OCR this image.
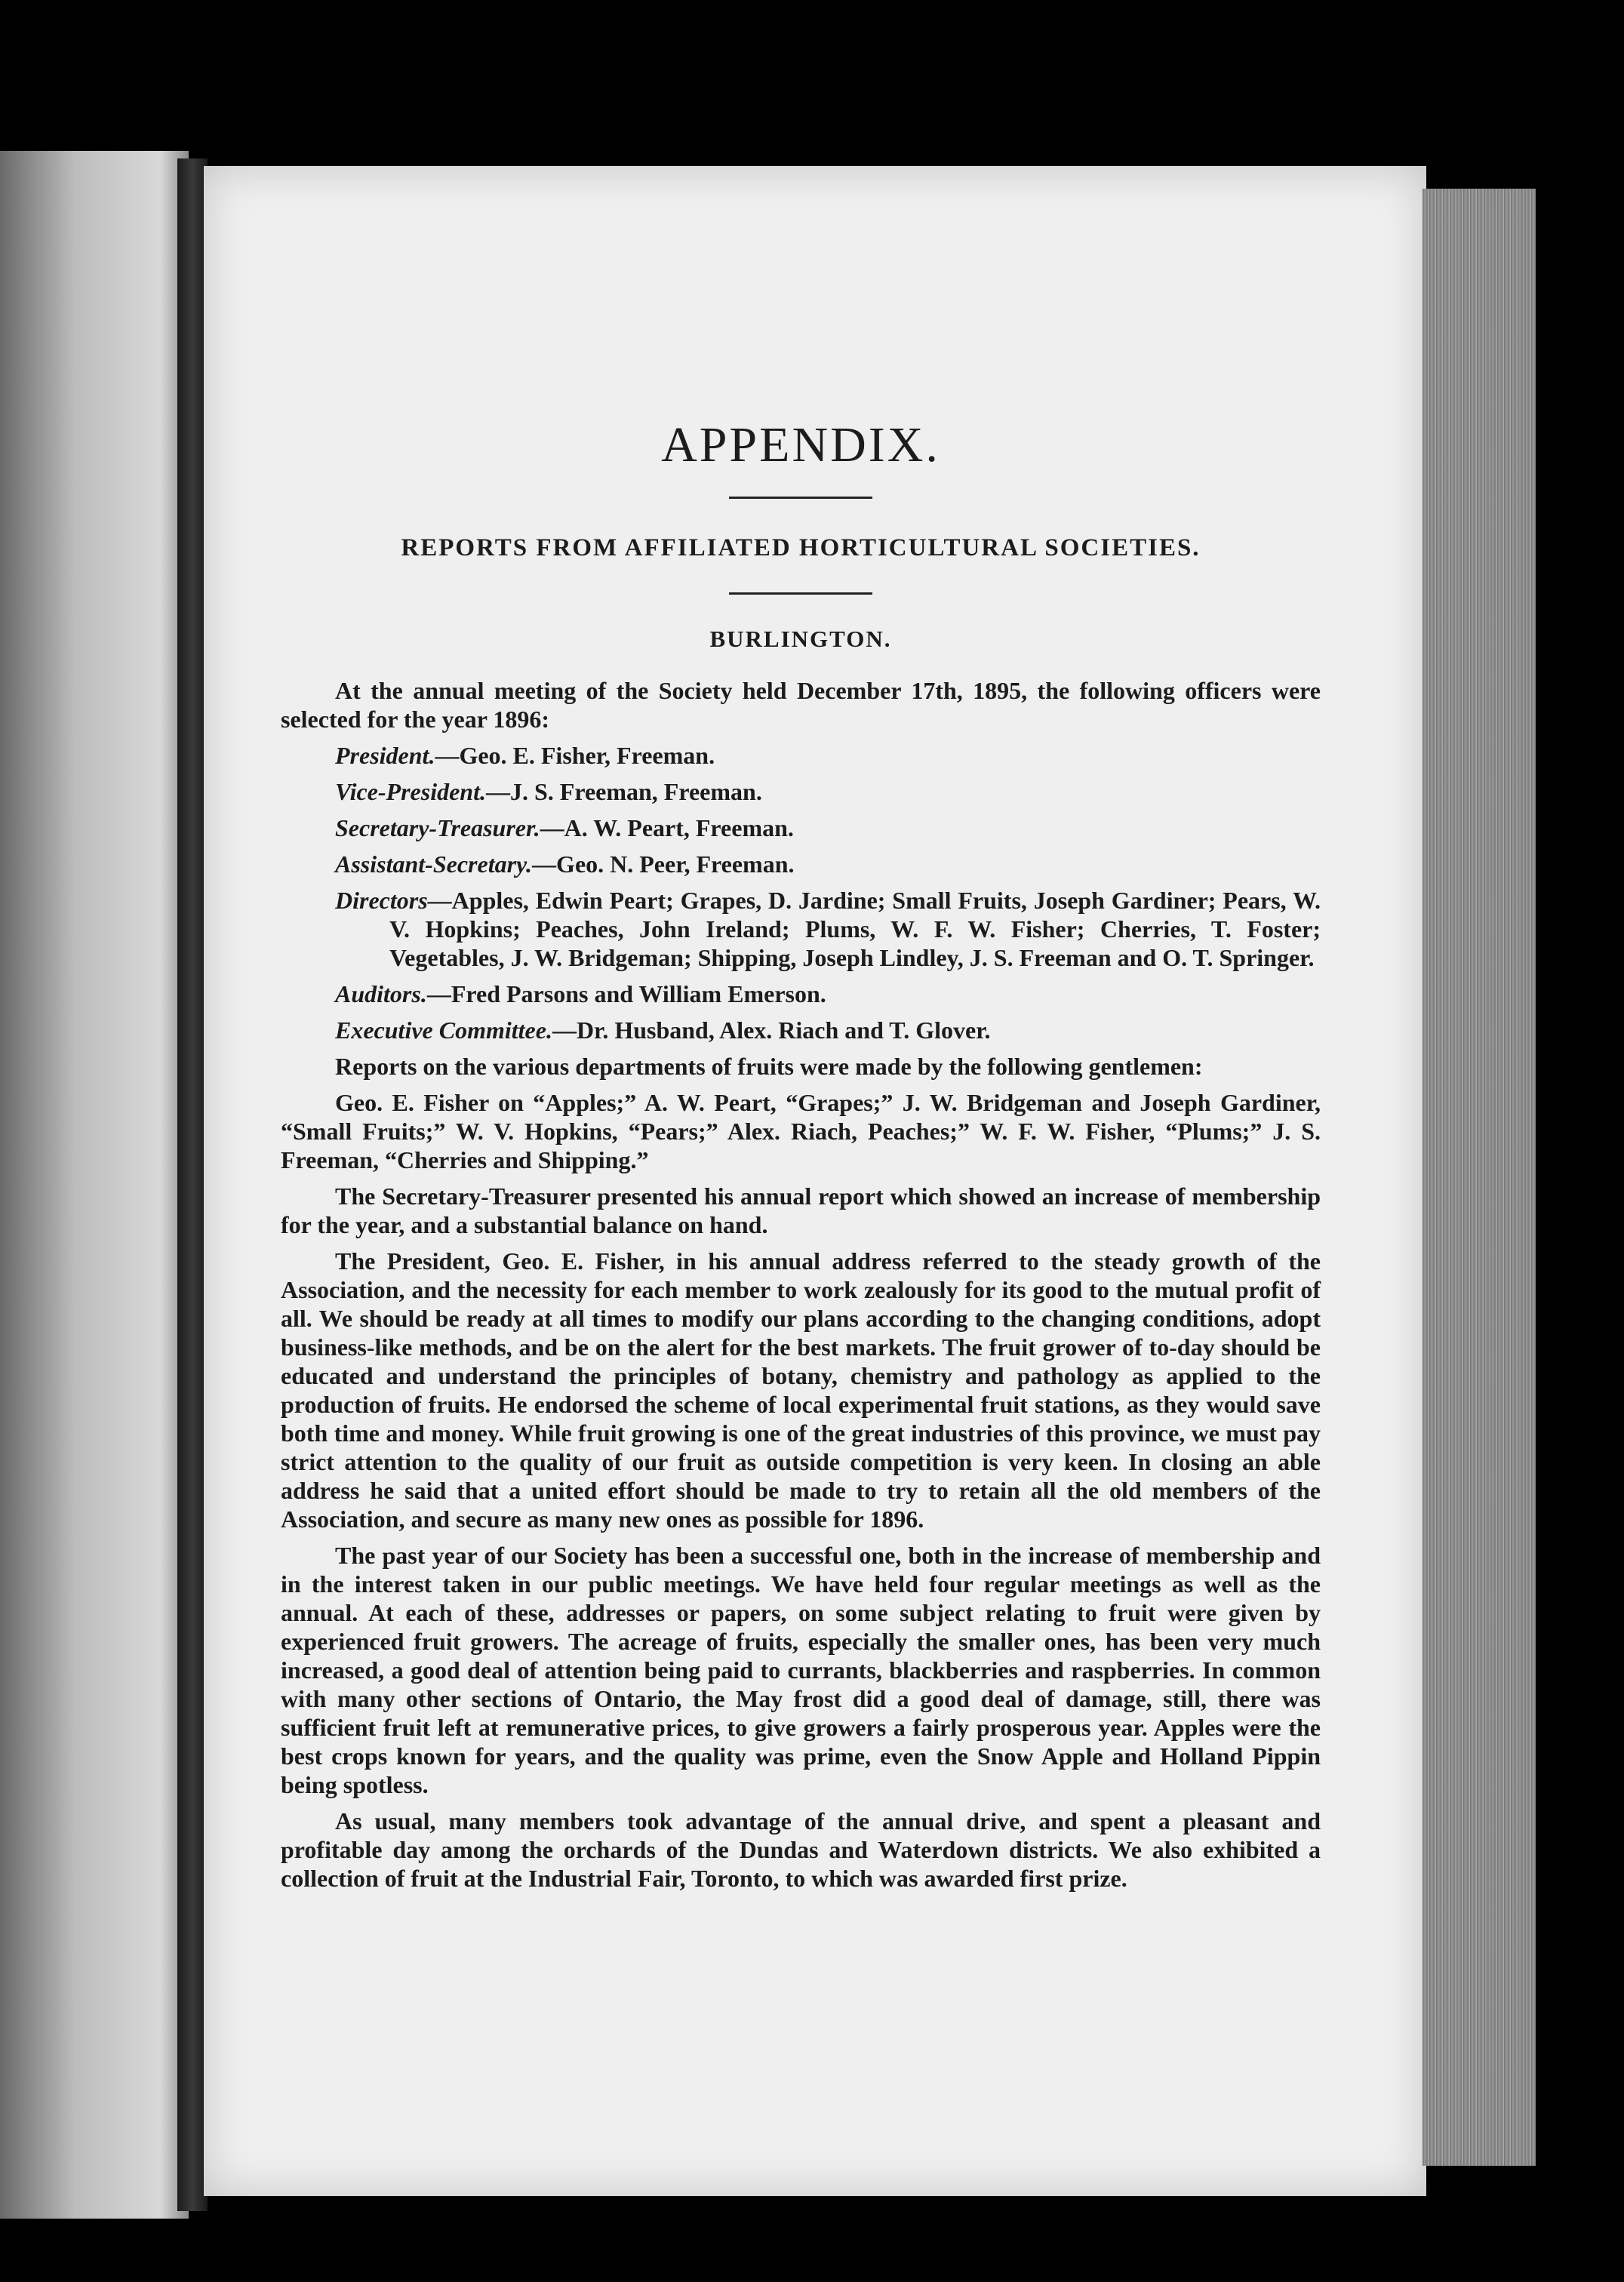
APPENDIX.
REPORTS FROM AFFILIATED HORTICULTURAL SOCIETIES.
BURLINGTON.

At the annual meeting of the Society held December 17th, 1895, the following officers were selected for the year 1896:

President.—Geo. E. Fisher, Freeman.

Vice-President.—J. S. Freeman, Freeman.

Secretary-Treasurer.—A. W. Peart, Freeman.

Assistant-Secretary.—Geo. N. Peer, Freeman.

Directors—Apples, Edwin Peart; Grapes, D. Jardine; Small Fruits, Joseph Gardiner; Pears, W. V. Hopkins; Peaches, John Ireland; Plums, W. F. W. Fisher; Cherries, T. Foster; Vegetables, J. W. Bridgeman; Shipping, Joseph Lindley, J. S. Freeman and O. T. Springer.

Auditors.—Fred Parsons and William Emerson.

Executive Committee.—Dr. Husband, Alex. Riach and T. Glover.

Reports on the various departments of fruits were made by the following gentlemen:

Geo. E. Fisher on “Apples;” A. W. Peart, “Grapes;” J. W. Bridgeman and Joseph Gardiner, “Small Fruits;” W. V. Hopkins, “Pears;” Alex. Riach, Peaches;” W. F. W. Fisher, “Plums;” J. S. Freeman, “Cherries and Shipping.”

The Secretary-Treasurer presented his annual report which showed an increase of membership for the year, and a substantial balance on hand.

The President, Geo. E. Fisher, in his annual address referred to the steady growth of the Association, and the necessity for each member to work zealously for its good to the mutual profit of all. We should be ready at all times to modify our plans according to the changing conditions, adopt business-like methods, and be on the alert for the best markets. The fruit grower of to-day should be educated and understand the principles of botany, chemistry and pathology as applied to the production of fruits. He endorsed the scheme of local experimental fruit stations, as they would save both time and money. While fruit growing is one of the great industries of this province, we must pay strict attention to the quality of our fruit as outside competition is very keen. In closing an able address he said that a united effort should be made to try to retain all the old members of the Association, and secure as many new ones as possible for 1896.

The past year of our Society has been a successful one, both in the increase of membership and in the interest taken in our public meetings. We have held four regular meetings as well as the annual. At each of these, addresses or papers, on some subject relating to fruit were given by experienced fruit growers. The acreage of fruits, especially the smaller ones, has been very much increased, a good deal of attention being paid to currants, blackberries and raspberries. In common with many other sections of Ontario, the May frost did a good deal of damage, still, there was sufficient fruit left at remunerative prices, to give growers a fairly prosperous year. Apples were the best crops known for years, and the quality was prime, even the Snow Apple and Holland Pippin being spotless.

As usual, many members took advantage of the annual drive, and spent a pleasant and profitable day among the orchards of the Dundas and Waterdown districts. We also exhibited a collection of fruit at the Industrial Fair, Toronto, to which was awarded first prize.
